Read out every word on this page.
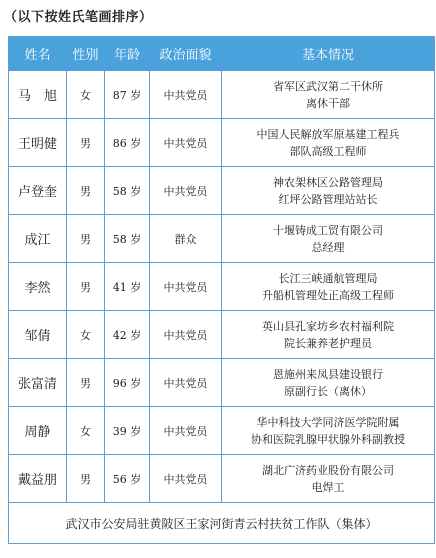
（以下按姓氏笔画排序）
姓名	性别	年龄	政治面貌	基本情况
马　旭	女	87 岁	中共党员	省军区武汉第二干休所
离休干部

王明健	男	86 岁	中共党员	中国人民解放军原基建工程兵
部队高级工程师

卢登奎	男	58 岁	中共党员	神农架林区公路管理局
红坪公路管理站站长

成江	男	58 岁	群众	十堰铸成工贸有限公司
总经理

李然	男	41 岁	中共党员	长江三峡通航管理局
升船机管理处正高级工程师

邹倩	女	42 岁	中共党员	英山县孔家坊乡农村福利院
院长兼养老护理员

张富清	男	96 岁	中共党员	恩施州来凤县建设银行
原副行长（离休）

周静	女	39 岁	中共党员	华中科技大学同济医学院附属
协和医院乳腺甲状腺外科副教授

戴益朋	男	56 岁	中共党员	湖北广济药业股份有限公司
电焊工

武汉市公安局驻黄陂区王家河街青云村扶贫工作队（集体）				
